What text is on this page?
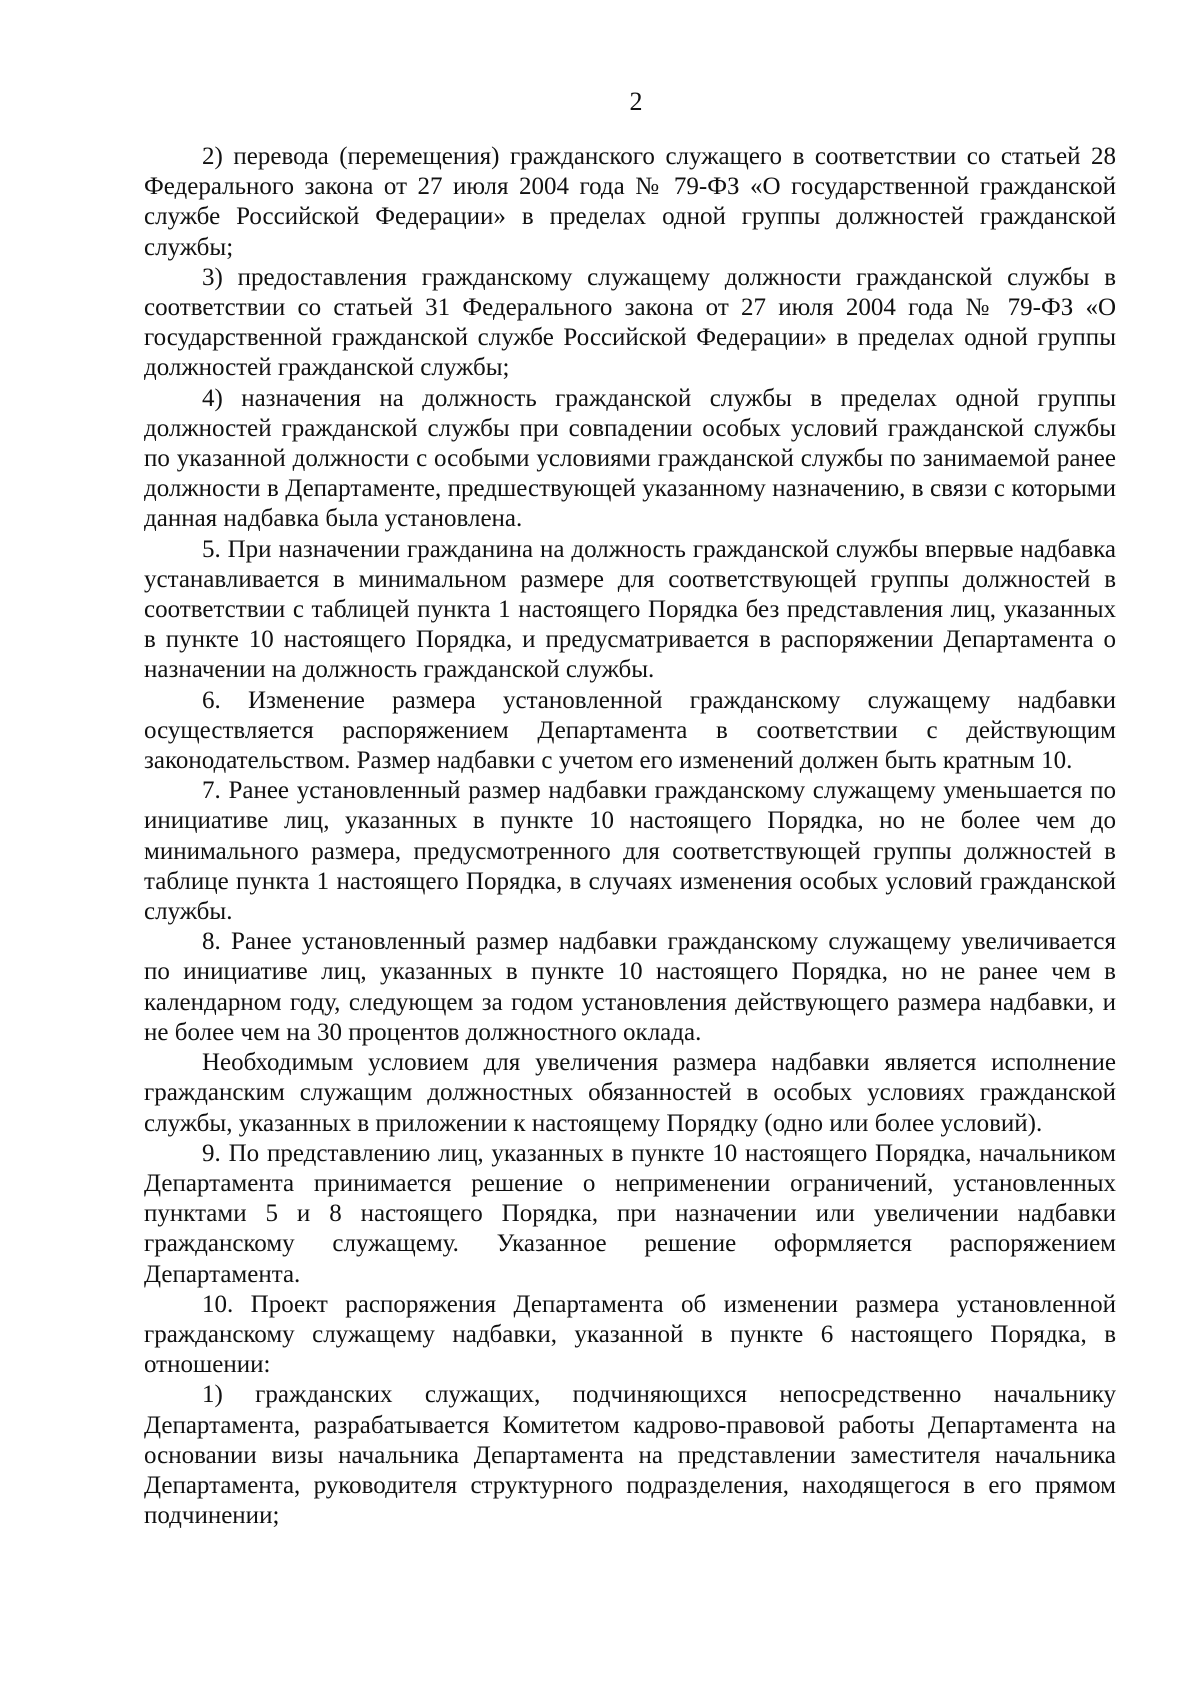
2

2) перевода (перемещения) гражданского служащего в соответствии со статьей 28 Федерального закона от 27 июля 2004 года № 79-ФЗ «О государственной гражданской службе Российской Федерации» в пределах одной группы должностей гражданской службы;

3) предоставления гражданскому служащему должности гражданской службы в соответствии со статьей 31 Федерального закона от 27 июля 2004 года № 79-ФЗ «О государственной гражданской службе Российской Федерации» в пределах одной группы должностей гражданской службы;

4) назначения на должность гражданской службы в пределах одной группы должностей гражданской службы при совпадении особых условий гражданской службы по указанной должности с особыми условиями гражданской службы по занимаемой ранее должности в Департаменте, предшествующей указанному назначению, в связи с которыми данная надбавка была установлена.

5. При назначении гражданина на должность гражданской службы впервые надбавка устанавливается в минимальном размере для соответствующей группы должностей в соответствии с таблицей пункта 1 настоящего Порядка без представления лиц, указанных в пункте 10 настоящего Порядка, и предусматривается в распоряжении Департамента о назначении на должность гражданской службы.

6. Изменение размера установленной гражданскому служащему надбавки осуществляется распоряжением Департамента в соответствии с действующим законодательством. Размер надбавки с учетом его изменений должен быть кратным 10.

7. Ранее установленный размер надбавки гражданскому служащему уменьшается по инициативе лиц, указанных в пункте 10 настоящего Порядка, но не более чем до минимального размера, предусмотренного для соответствующей группы должностей в таблице пункта 1 настоящего Порядка, в случаях изменения особых условий гражданской службы.

8. Ранее установленный размер надбавки гражданскому служащему увеличивается по инициативе лиц, указанных в пункте 10 настоящего Порядка, но не ранее чем в календарном году, следующем за годом установления действующего размера надбавки, и не более чем на 30 процентов должностного оклада.

Необходимым условием для увеличения размера надбавки является исполнение гражданским служащим должностных обязанностей в особых условиях гражданской службы, указанных в приложении к настоящему Порядку (одно или более условий).

9. По представлению лиц, указанных в пункте 10 настоящего Порядка, начальником Департамента принимается решение о неприменении ограничений, установленных пунктами 5 и 8 настоящего Порядка, при назначении или увеличении надбавки гражданскому служащему. Указанное решение оформляется распоряжением Департамента.

10. Проект распоряжения Департамента об изменении размера установленной гражданскому служащему надбавки, указанной в пункте 6 настоящего Порядка, в отношении:

1) гражданских служащих, подчиняющихся непосредственно начальнику Департамента, разрабатывается Комитетом кадрово-правовой работы Департамента на основании визы начальника Департамента на представлении заместителя начальника Департамента, руководителя структурного подразделения, находящегося в его прямом подчинении;
